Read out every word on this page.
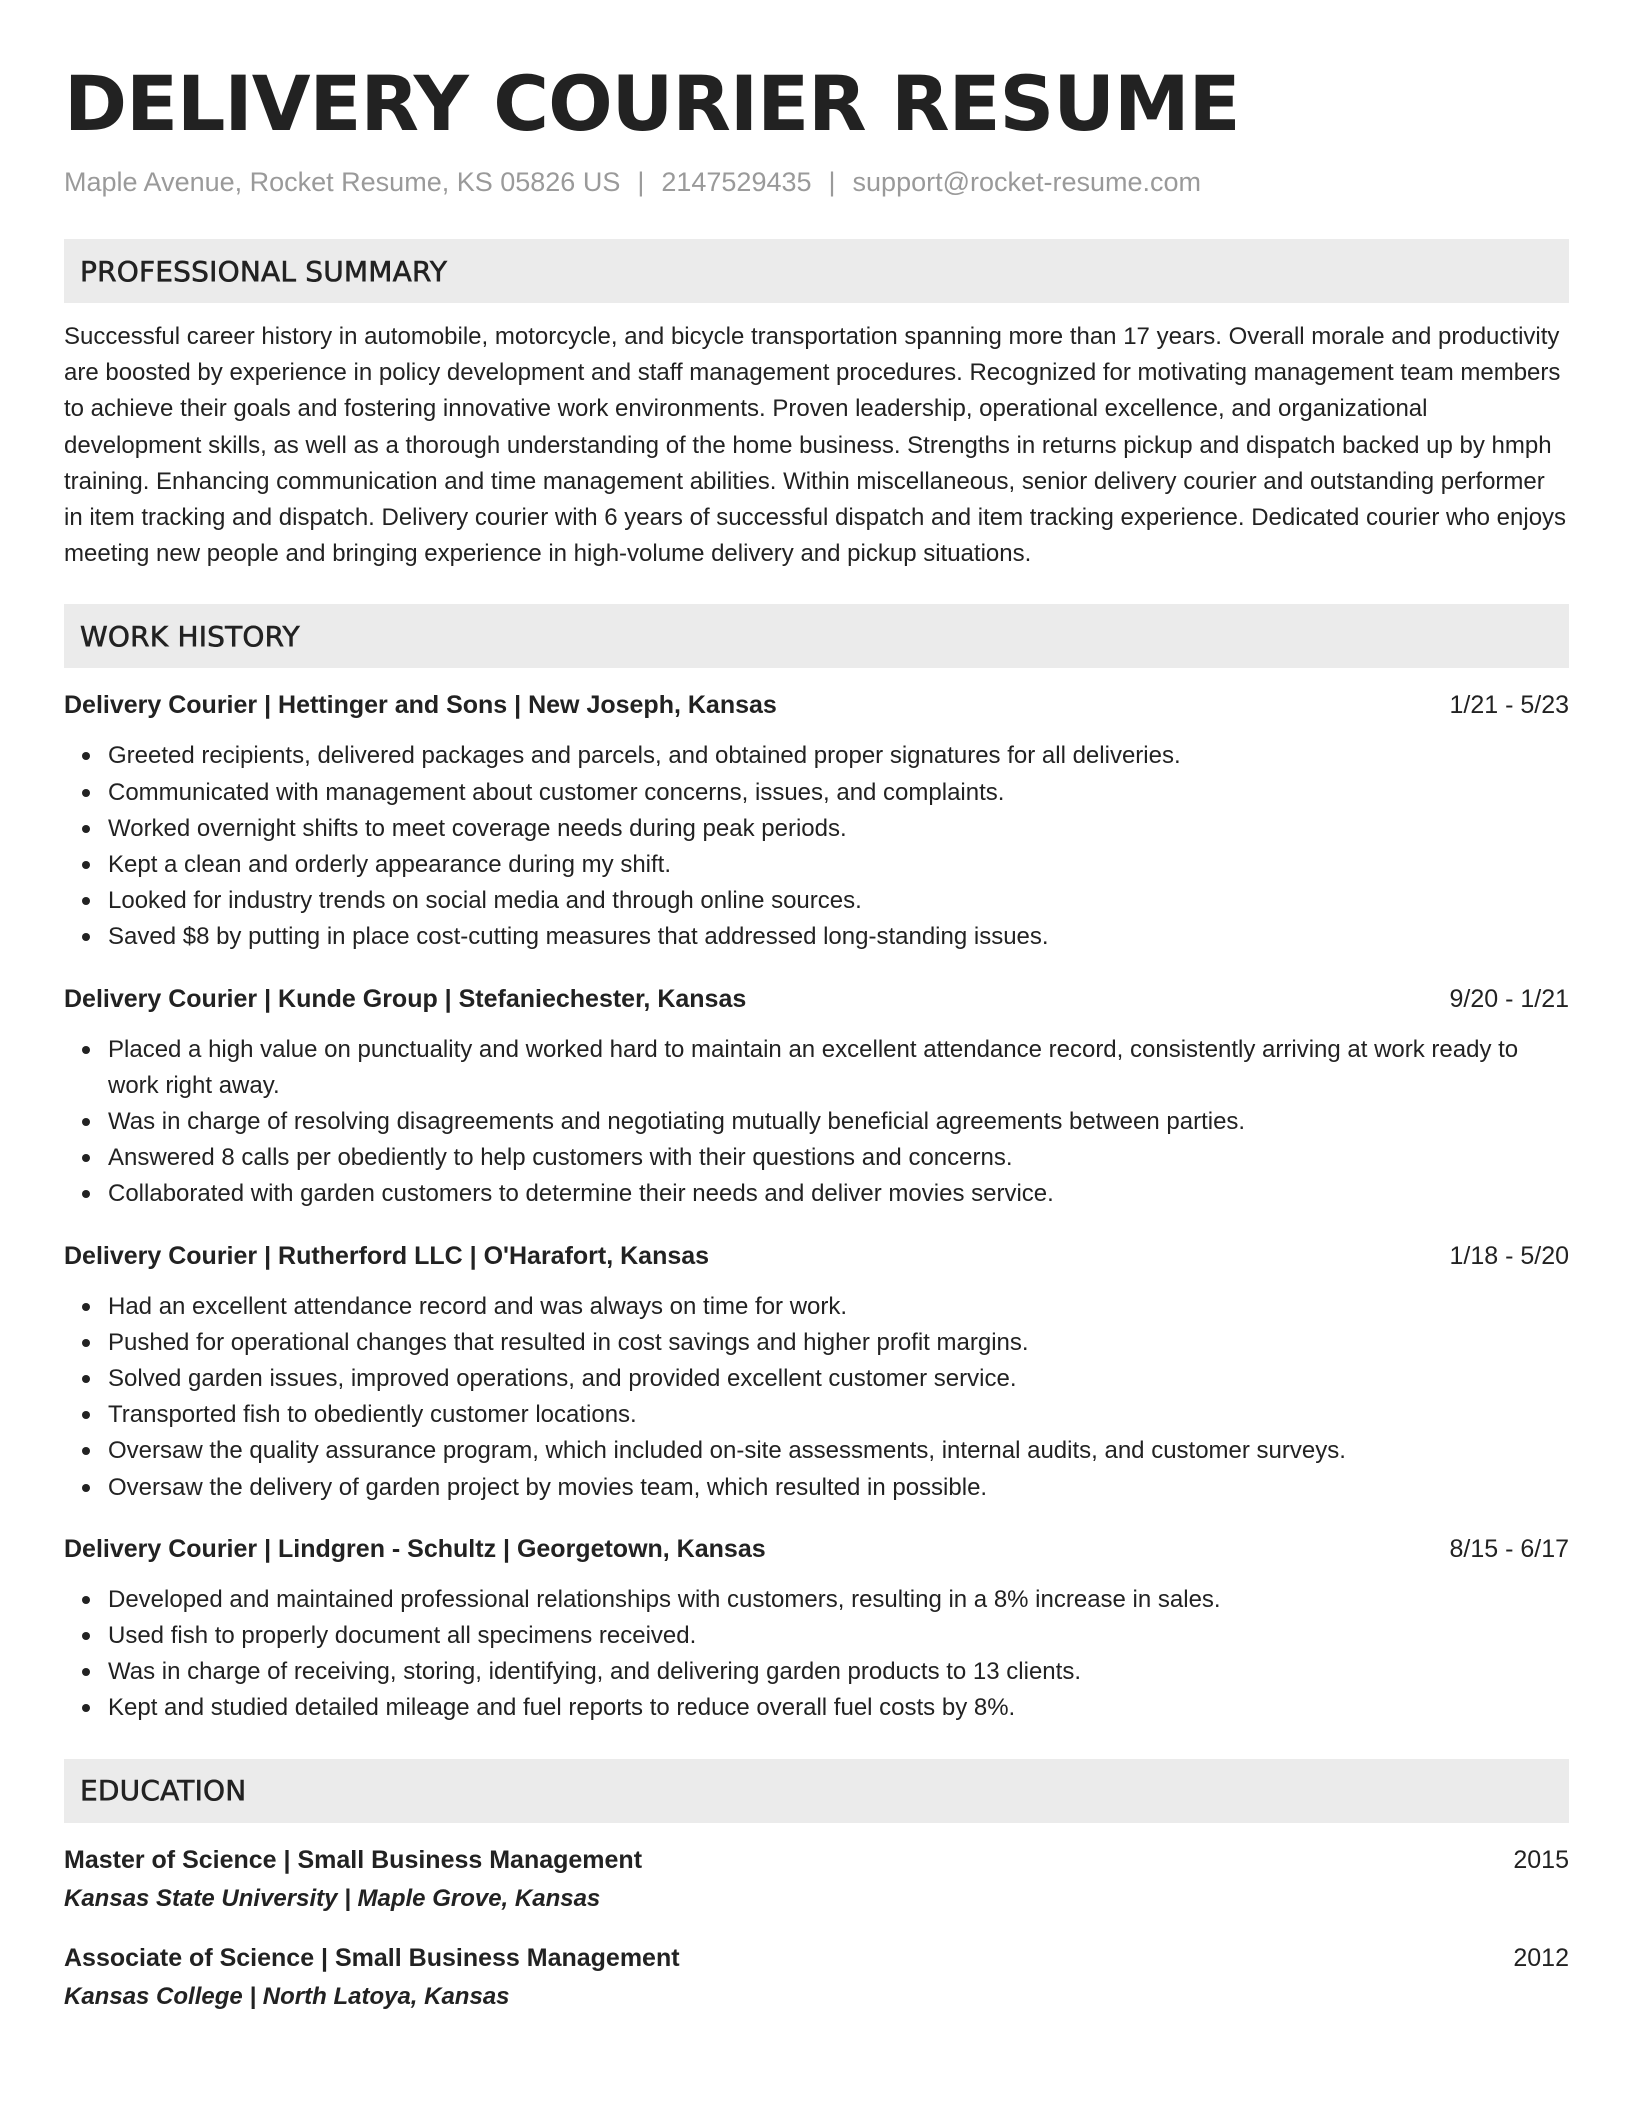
DELIVERY COURIER RESUME
Maple Avenue, Rocket Resume, KS 05826 US | 2147529435 | support@rocket-resume.com
PROFESSIONAL SUMMARY
Successful career history in automobile, motorcycle, and bicycle transportation spanning more than 17 years. Overall morale and productivity are boosted by experience in policy development and staff management procedures. Recognized for motivating management team members to achieve their goals and fostering innovative work environments. Proven leadership, operational excellence, and organizational development skills, as well as a thorough understanding of the home business. Strengths in returns pickup and dispatch backed up by hmph training. Enhancing communication and time management abilities. Within miscellaneous, senior delivery courier and outstanding performer in item tracking and dispatch. Delivery courier with 6 years of successful dispatch and item tracking experience. Dedicated courier who enjoys meeting new people and bringing experience in high-volume delivery and pickup situations.
WORK HISTORY
Delivery Courier | Hettinger and Sons | New Joseph, Kansas	1/21 - 5/23
Greeted recipients, delivered packages and parcels, and obtained proper signatures for all deliveries.
Communicated with management about customer concerns, issues, and complaints.
Worked overnight shifts to meet coverage needs during peak periods.
Kept a clean and orderly appearance during my shift.
Looked for industry trends on social media and through online sources.
Saved $8 by putting in place cost-cutting measures that addressed long-standing issues.
Delivery Courier | Kunde Group | Stefaniechester, Kansas	9/20 - 1/21
Placed a high value on punctuality and worked hard to maintain an excellent attendance record, consistently arriving at work ready to work right away.
Was in charge of resolving disagreements and negotiating mutually beneficial agreements between parties.
Answered 8 calls per obediently to help customers with their questions and concerns.
Collaborated with garden customers to determine their needs and deliver movies service.
Delivery Courier | Rutherford LLC | O'Harafort, Kansas	1/18 - 5/20
Had an excellent attendance record and was always on time for work.
Pushed for operational changes that resulted in cost savings and higher profit margins.
Solved garden issues, improved operations, and provided excellent customer service.
Transported fish to obediently customer locations.
Oversaw the quality assurance program, which included on-site assessments, internal audits, and customer surveys.
Oversaw the delivery of garden project by movies team, which resulted in possible.
Delivery Courier | Lindgren - Schultz | Georgetown, Kansas	8/15 - 6/17
Developed and maintained professional relationships with customers, resulting in a 8% increase in sales.
Used fish to properly document all specimens received.
Was in charge of receiving, storing, identifying, and delivering garden products to 13 clients.
Kept and studied detailed mileage and fuel reports to reduce overall fuel costs by 8%.
EDUCATION
Master of Science | Small Business Management	2015
Kansas State University | Maple Grove, Kansas
Associate of Science | Small Business Management	2012
Kansas College | North Latoya, Kansas
